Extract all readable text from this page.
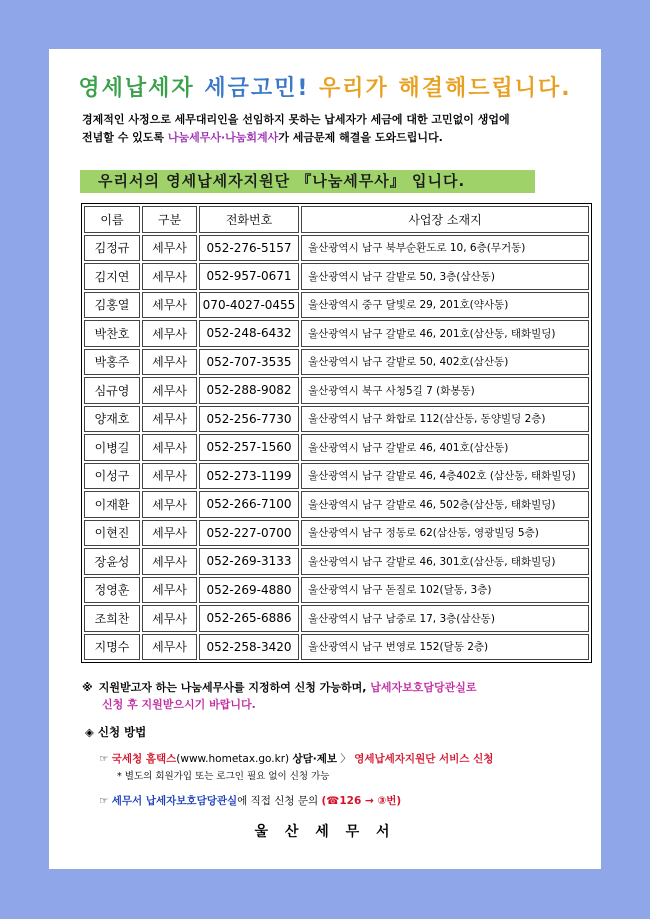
영세납세자 세금고민! 우리가 해결해드립니다.
경제적인 사정으로 세무대리인을 선임하지 못하는 납세자가 세금에 대한 고민없이 생업에
전념할 수 있도록 나눔세무사·나눔회계사가 세금문제 해결을 도와드립니다.
우리서의 영세납세자지원단 『나눔세무사』 입니다.
이름	구분	전화번호	사업장 소재지
김정규	세무사	052-276-5157	울산광역시 남구 북부순환도로 10, 6층(무거동)
김지연	세무사	052-957-0671	울산광역시 남구 갈밭로 50, 3층(삼산동)
김홍열	세무사	070-4027-0455	울산광역시 중구 달빛로 29, 201호(약사동)
박찬호	세무사	052-248-6432	울산광역시 남구 갈밭로 46, 201호(삼산동, 태화빌딩)
박홍주	세무사	052-707-3535	울산광역시 남구 갈밭로 50, 402호(삼산동)
심규영	세무사	052-288-9082	울산광역시 북구 사청5길 7 (화봉동)
양재호	세무사	052-256-7730	울산광역시 남구 화합로 112(삼산동, 동양빌딩 2층)
이병길	세무사	052-257-1560	울산광역시 남구 갈밭로 46, 401호(삼산동)
이성구	세무사	052-273-1199	울산광역시 남구 갈밭로 46, 4층402호 (삼산동, 태화빌딩)
이재환	세무사	052-266-7100	울산광역시 남구 갈밭로 46, 502층(삼산동, 태화빌딩)
이현진	세무사	052-227-0700	울산광역시 남구 정동로 62(삼산동, 영광빌딩 5층)
장윤성	세무사	052-269-3133	울산광역시 남구 갈밭로 46, 301호(삼산동, 태화빌딩)
정영훈	세무사	052-269-4880	울산광역시 남구 돋질로 102(달동, 3층)
조희찬	세무사	052-265-6886	울산광역시 남구 남중로 17, 3층(삼산동)
지명수	세무사	052-258-3420	울산광역시 남구 번영로 152(달동 2층)
※ 지원받고자 하는 나눔세무사를 지정하여 신청 가능하며, 납세자보호담당관실로
신청 후 지원받으시기 바랍니다.
◈ 신청 방법
☞ 국세청 홈택스(www.hometax.go.kr) 상담·제보 〉 영세납세자지원단 서비스 신청
* 별도의 회원가입 또는 로그인 필요 없이 신청 가능
☞ 세무서 납세자보호담당관실에 직접 신청 문의 (☎126 → ③번)
울 산 세 무 서
